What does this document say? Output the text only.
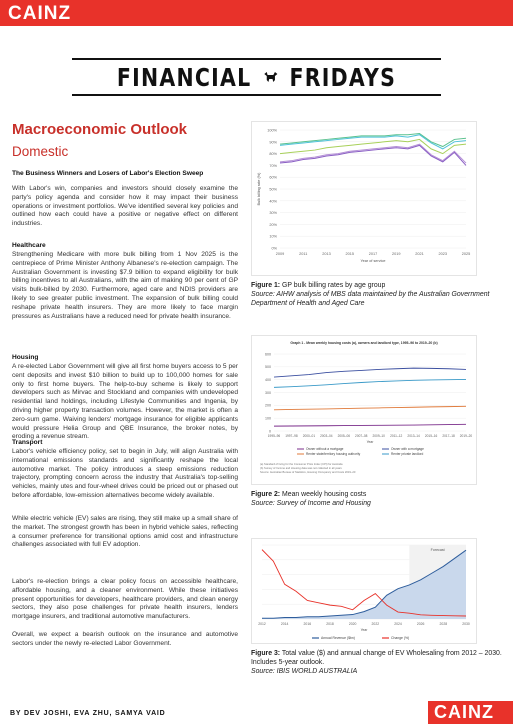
CAINZ
FINANCIAL FRIDAYS
Macroeconomic Outlook
Domestic
The Business Winners and Losers of Labor's Election Sweep
With Labor's win, companies and investors should closely examine the party's policy agenda and consider how it may impact their business operations or investment portfolios. We've identified several key policies and outlined how each could have a positive or negative effect on different industries.
Healthcare
Strengthening Medicare with more bulk billing from 1 Nov 2025 is the centrepiece of Prime Minister Anthony Albanese's re-election campaign. The Australian Government is investing $7.9 billion to expand eligibility for bulk billing incentives to all Australians, with the aim of making 90 per cent of GP visits bulk-billed by 2030. Furthermore, aged care and NDIS providers are likely to see greater public investment. The expansion of bulk billing could reshape private health insurers. They are more likely to face margin pressures as Australians have a reduced need for private health insurance.
Housing
A re-elected Labor Government will give all first home buyers access to 5 per cent deposits and invest $10 billion to build up to 100,000 homes for sale only to first home buyers. The help-to-buy scheme is likely to support developers such as Mirvac and Stockland and companies with undeveloped residential land holdings, including Lifestyle Communities and Ingenia, by driving higher property transaction volumes. However, the market is often a zero-sum game. Waiving lenders' mortgage insurance for eligible applicants would pressure Helia Group and QBE Insurance, the broker notes, by eroding a revenue stream.
Transport
Labor's vehicle efficiency policy, set to begin in July, will align Australia with international emissions standards and significantly reshape the local automotive market. The policy introduces a steep emissions reduction trajectory, prompting concern across the industry that Australia's top-selling vehicles, mainly utes and four-wheel drives could be priced out or phased out before affordable, low-emission alternatives become widely available.
While electric vehicle (EV) sales are rising, they still make up a small share of the market. The strongest growth has been in hybrid vehicle sales, reflecting a consumer preference for transitional options amid cost and infrastructure challenges associated with full EV adoption.
Labor's re-election brings a clear policy focus on accessible healthcare, affordable housing, and a cleaner environment. While these initiatives present opportunities for developers, healthcare providers, and clean energy sectors, they also pose challenges for private health insurers, lenders mortgage insurers, and traditional automotive manufacturers.
Overall, we expect a bearish outlook on the insurance and automotive sectors under the newly re-elected Labor Government.
0%
10%
20%
30%
40%
50%
60%
70%
80%
90%
100%
2009	2011	2013	2015	2017	2019	2021	2023	2025
Bulk billing rate (%)
Year of service
Figure 1: GP bulk billing rates by age group
Source: AIHW analysis of MBS data maintained by the Australian Government Department of Health and Aged Care
Graph 1 - Mean weekly housing costs (a), owners and landlord type, 1995–96 to 2019–20 (b)
0
100
200
300
400
500
600
1995–96 1997–98 2000–01 2003–04 2005–06 2007–08 2009–10 2011–12 2013–14 2015–16 2017–18 2019–20
Year
Owner without a mortgage	Owner with a mortgage
Renter state/territory housing authority	Renter private landlord
(a) Standard of living for the Consumer Price Index (CPI) for Australia
(b) Survey of Income and Housing data was not collected in all years
Source: Australian Bureau of Statistics, Housing Occupancy and Costs 2019–20
Figure 2: Mean weekly housing costs
Source: Survey of Income and Housing
Forecast
2012	2014	2016	2018	2020	2022	2024	2026	2028	2030
Year
Annual Revenue ($bn)	Change (%)
Figure 3: Total value ($) and annual change of EV Wholesaling from 2012 – 2030. Includes 5-year outlook.
Source: IBIS WORLD AUSTRALIA
BY DEV JOSHI, EVA ZHU, SAMYA VAID	CAINZ
